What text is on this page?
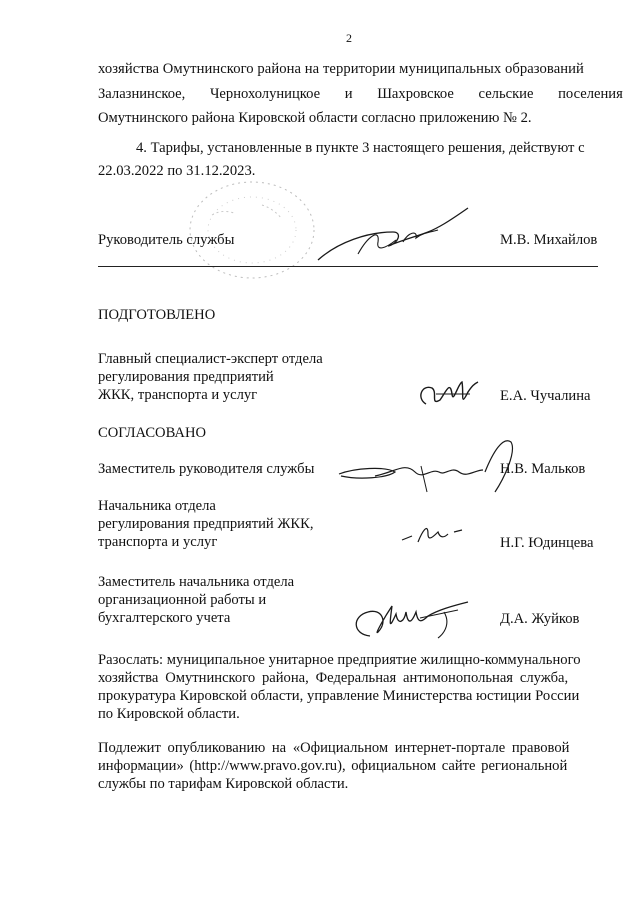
2
хозяйства Омутнинского района на территории муниципальных образований
Залазнинское, Чернохолуницкое и Шахровское сельские поселения
Омутнинского района Кировской области согласно приложению № 2.
4. Тарифы, установленные в пункте 3 настоящего решения, действуют с
22.03.2022 по 31.12.2023.
Руководитель службы	М.В. Михайлов
ПОДГОТОВЛЕНО
Главный специалист-эксперт отдела
регулирования предприятий
ЖКК, транспорта и услуг	Е.А. Чучалина
СОГЛАСОВАНО
Заместитель руководителя службы	Н.В. Мальков
Начальника отдела
регулирования предприятий ЖКК,
транспорта и услуг	Н.Г. Юдинцева
Заместитель начальника отдела
организационной работы и
бухгалтерского учета	Д.А. Жуйков
Разослать: муниципальное унитарное предприятие жилищно-коммунального
хозяйства Омутнинского района, Федеральная антимонопольная служба,
прокуратура Кировской области, управление Министерства юстиции России
по Кировской области.
Подлежит опубликованию на «Официальном интернет-портале правовой
информации» (http://www.pravo.gov.ru), официальном сайте региональной
службы по тарифам Кировской области.
